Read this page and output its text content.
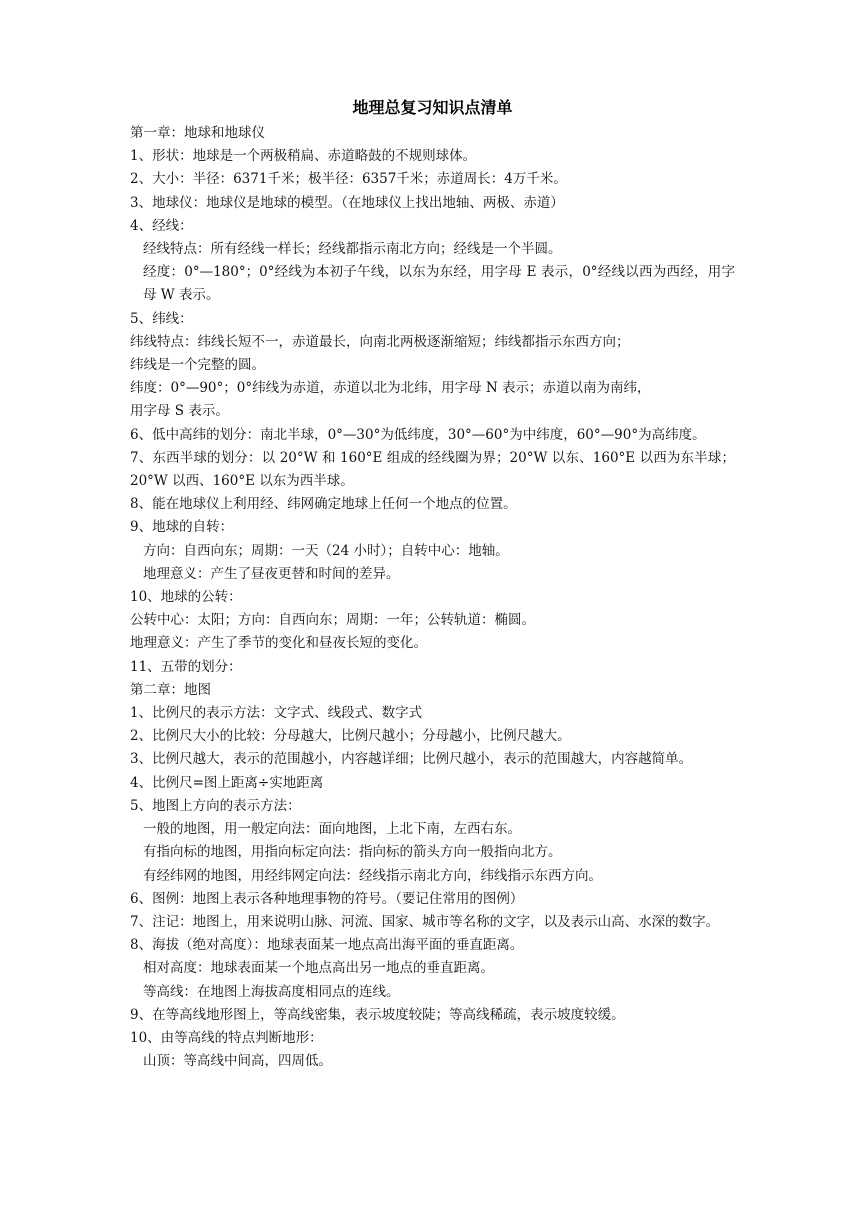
地理总复习知识点清单
第一章：地球和地球仪
1、形状：地球是一个两极稍扁、赤道略鼓的不规则球体。
2、大小：半径：6371千米；极半径：6357千米；赤道周长：4万千米。
3、地球仪：地球仪是地球的模型。（在地球仪上找出地轴、两极、赤道）
4、经线：
经线特点：所有经线一样长；经线都指示南北方向；经线是一个半圆。
经度：0°—180°；0°经线为本初子午线，以东为东经，用字母 E 表示，0°经线以西为西经，用字母 W 表示。
5、纬线：
纬线特点：纬线长短不一，赤道最长，向南北两极逐渐缩短；纬线都指示东西方向；
纬线是一个完整的圆。
纬度：0°—90°；0°纬线为赤道，赤道以北为北纬，用字母 N 表示；赤道以南为南纬，
用字母 S 表示。
6、低中高纬的划分：南北半球，0°—30°为低纬度，30°—60°为中纬度，60°—90°为高纬度。
7、东西半球的划分：以 20°W 和 160°E 组成的经线圈为界；20°W 以东、160°E 以西为东半球；20°W 以西、160°E 以东为西半球。
8、能在地球仪上利用经、纬网确定地球上任何一个地点的位置。
9、地球的自转：
方向：自西向东；周期：一天（24 小时）；自转中心：地轴。
地理意义：产生了昼夜更替和时间的差异。
10、地球的公转：
公转中心：太阳；方向：自西向东；周期：一年；公转轨道：椭圆。
地理意义：产生了季节的变化和昼夜长短的变化。
11、五带的划分：
第二章：地图
1、比例尺的表示方法：文字式、线段式、数字式
2、比例尺大小的比较：分母越大，比例尺越小；分母越小，比例尺越大。
3、比例尺越大，表示的范围越小，内容越详细；比例尺越小，表示的范围越大，内容越简单。
4、比例尺=图上距离÷实地距离
5、地图上方向的表示方法：
一般的地图，用一般定向法：面向地图，上北下南，左西右东。
有指向标的地图，用指向标定向法：指向标的箭头方向一般指向北方。
有经纬网的地图，用经纬网定向法：经线指示南北方向，纬线指示东西方向。
6、图例：地图上表示各种地理事物的符号。（要记住常用的图例）
7、注记：地图上，用来说明山脉、河流、国家、城市等名称的文字，以及表示山高、水深的数字。
8、海拔（绝对高度）：地球表面某一地点高出海平面的垂直距离。
相对高度：地球表面某一个地点高出另一地点的垂直距离。
等高线：在地图上海拔高度相同点的连线。
9、在等高线地形图上，等高线密集，表示坡度较陡；等高线稀疏，表示坡度较缓。
10、由等高线的特点判断地形：
山顶：等高线中间高，四周低。
